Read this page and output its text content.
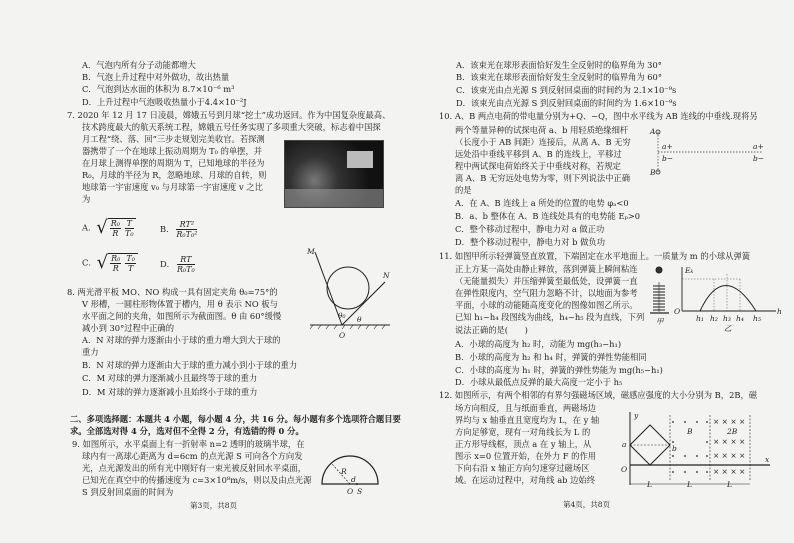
A．气泡内所有分子动能都增大
B．气泡上升过程中对外做功，故出热量
C．气泡到达水面的体积为 8.7×10⁻⁶ m³
D．上升过程中气泡吸收热量小于4.4×10⁻²J
7. 2020 年 12 月 17 日凌晨，嫦娥五号到月球“挖土”成功返回。作为中国复杂度最高、
技术跨度最大的航天系统工程，嫦娥五号任务实现了多项重大突破，标志着中国探
月工程“绕、落、回”三步走规划完美收官。若探测
器携带了一个在地球上振动周期为 T₀ 的单摆，并
在月球上测得单摆的周期为 T，已知地球的半径为
R₀，月球的半径为 R，忽略地球、月球的自转，则
地球第一宇宙速度 v₀ 与月球第一宇宙速度 v 之比
为
A．√ $\frac{\text{R₀}}{R} \frac{T}{\text{T₀}}$	B． $\frac{\text{RT²}}{\text{R₀T₀²}}$
C．√ $\frac{\text{R₀}}{R} \frac{\text{T₀}}{T}$	D． $\frac{RT}{\text{R₀T₀}}$
8. 两光滑平板 MO、NO 构成一具有固定夹角 θ₀=75°的
V 形槽，一圆柱形物体置于槽内，用 θ 表示 NO 板与
水平面之间的夹角，如图所示为截面图。θ 由 60°缓慢
减小到 30°过程中正确的
A．N 对球的弹力逐渐由小于球的重力增大到大于球的
重力
B．N 对球的弹力逐渐由大于球的重力减小到小于球的重力
C．M 对球的弹力逐渐减小且最终等于球的重力
D．M 对球的弹力逐渐减小且始终小于球的重力
M
N
O
θ₀ θ
二、多项选择题：本题共 4 小题，每小题 4 分，共 16 分。每小题有多个选项符合题目要
求。全部选对得 4 分，选对但不全得 2 分，有选错的得 0 分。
9. 如图所示，水平桌面上有一折射率 n=2 透明的玻璃半球，在
球内有一离球心距离为 d=6cm 的点光源 S 可向各个方向发
光，点光源发出的所有光中刚好有一束光被反射回水平桌面，
已知光在真空中的传播速度为 c=3×10⁸m/s，则以及由点光源
S 到反射回桌面的时间为
R
d
O S
第3页，共8页
A．该束光在球形表面恰好发生全反射时的临界角为 30°
B．该束光在球形表面恰好发生全反射时的临界角为 60°
C．该束光由点光源 S 到反射回桌面的时间约为 2.1×10⁻⁹s
D．该束光由点光源 S 到反射回桌面的时间约为 1.6×10⁻⁹s
10. A、B 两点电荷的带电量分别为+Q、−Q，图中水平线为 AB 连线的中垂线.现将另
两个等量异种的试探电荷 a、b 用轻质绝缘细杆
（长度小于 AB 间距）连接后，从离 A、B 无穷
远处沿中垂线平移到 A、B 的连线上，平移过
程中两试探电荷始终关于中垂线对称，若规定
离 A、B 无穷远处电势为零，则下列说法中正确
的是
A．在 A、B 连线上 a 所处的位置的电势 φₐ<0
B．a、b 整体在 A、B 连线处具有的电势能 Eₚ>0
C．整个移动过程中，静电力对 a 做正功
D．整个移动过程中，静电力对 b 做负功
A
B
a+
b−
a+
b−
11. 如图甲所示轻弹簧竖直放置，下端固定在水平地面上。一质量为 m 的小球从弹簧
正上方某一高处由静止释放，落到弹簧上瞬间粘连
（无能量损失）并压缩弹簧至最低处，设弹簧一直
在弹性限度内，空气阻力忽略不计，以地面为参考
平面，小球的动能随高度变化的图像如图乙所示。
已知 h₁~h₄ 段图线为曲线，h₄~h₅ 段为直线，下列
说法正确的是(　　)
A．小球的高度为 h₂ 时，动能为 mg(h₃−h₁)
B．小球的高度为 h₂ 和 h₄ 时，弹簧的弹性势能相同
C．小球的高度为 h₁ 时，弹簧的弹性势能为 mg(h₅−h₁)
D．小球从最低点反弹的最大高度一定小于 h₅
甲
Eₖ
O	h
h₁ h₂ h₃ h₄ h₅
乙
12. 如图所示，有两个相邻的有界匀强磁场区域，磁感应强度的大小分别为 B，2B，磁
场方向相反，且与纸面垂直，两磁场边
界均与 x 轴垂直且宽度均为 L，在 y 轴
方向足够宽，现有一对角线长为 L 的
正方形导线框，顶点 a 在 y 轴上，从
图示 x=0 位置开始，在外力 F 的作用
下向右沿 x 轴正方向匀速穿过磁场区
域。在运动过程中，对角线 ab 边始终
× × × ×
× × × ×
× × × ×
× × × ×
y
x
O
a	b
B	2B
L	L	L
第4页，共8页
